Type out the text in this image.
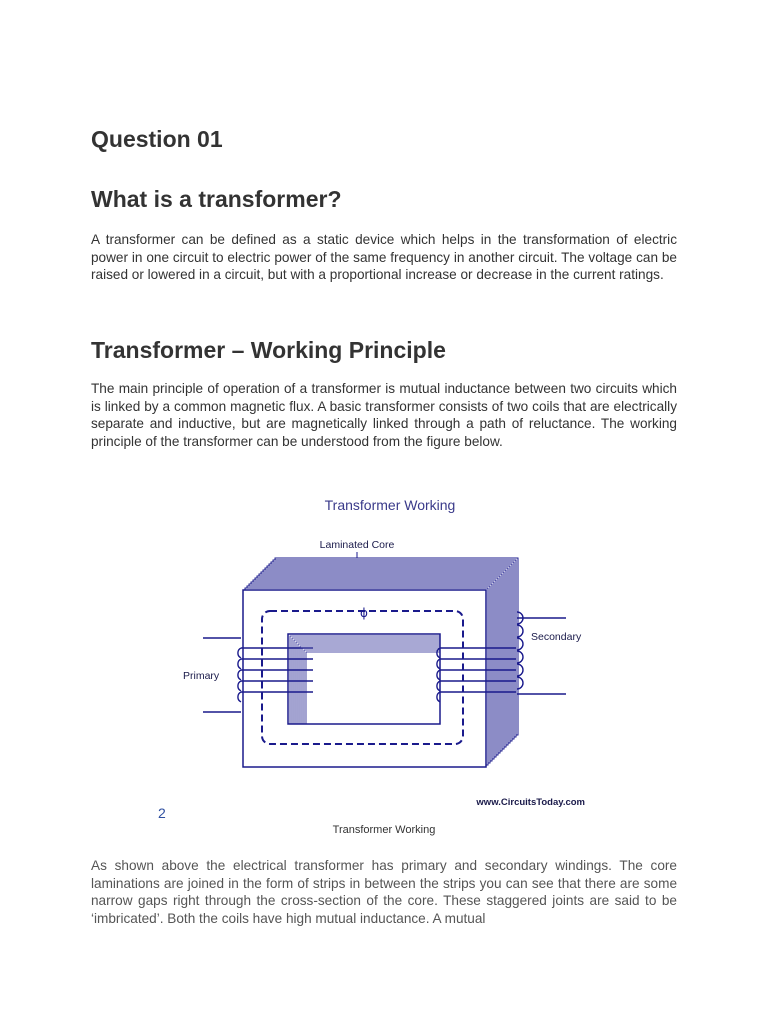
Question 01
What is a transformer?

A transformer can be defined as a static device which helps in the transformation of electric power in one circuit to electric power of the same frequency in another circuit. The voltage can be raised or lowered in a circuit, but with a proportional increase or decrease in the current ratings.

Transformer – Working Principle

The main principle of operation of a transformer is mutual inductance between two circuits which is linked by a common magnetic flux. A basic transformer consists of two coils that are electrically separate and inductive, but are magnetically linked through a path of reluctance. The working principle of the transformer can be understood from the figure below.

Transformer Working
Laminated Core
ϕ
Primary
Secondary
www.CircuitsToday.com
2
Transformer Working

As shown above the electrical transformer has primary and secondary windings. The core laminations are joined in the form of strips in between the strips you can see that there are some narrow gaps right through the cross-section of the core. These staggered joints are said to be ‘imbricated’. Both the coils have high mutual inductance. A mutual
